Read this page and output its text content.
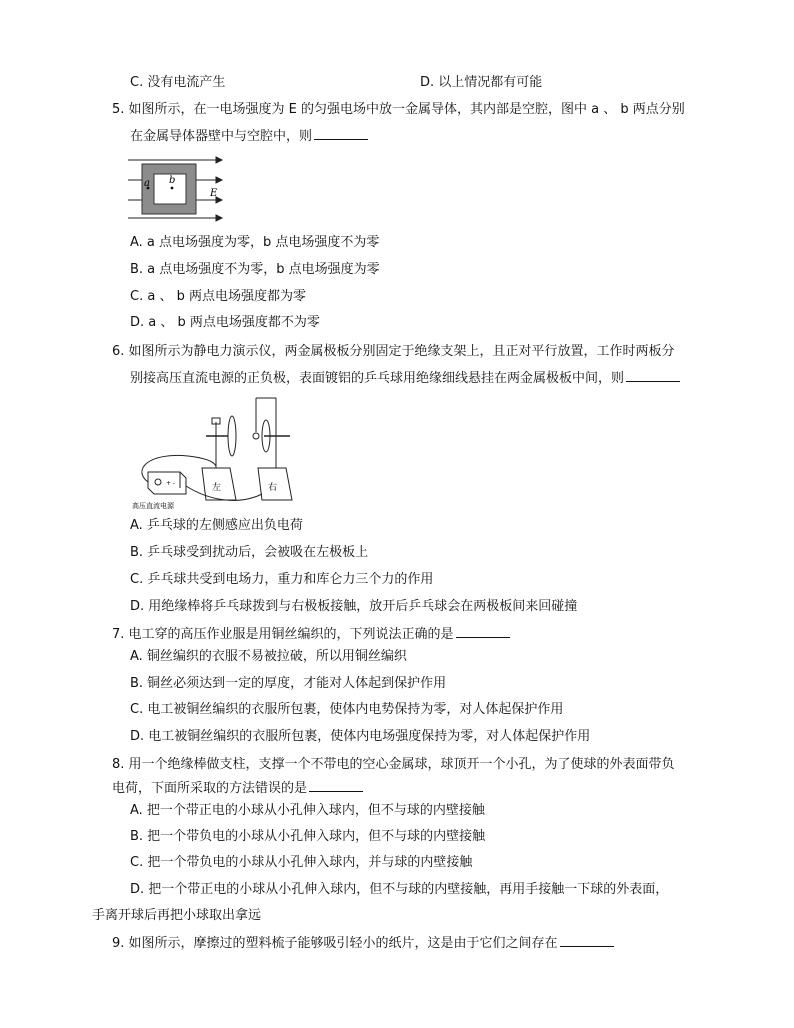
C. 没有电流产生	D. 以上情况都有可能
5. 如图所示，在一电场强度为 E 的匀强电场中放一金属导体，其内部是空腔，图中 a 、 b 两点分别
在金属导体器壁中与空腔中，则
a b
E
A. a 点电场强度为零，b 点电场强度不为零
B. a 点电场强度不为零，b 点电场强度为零
C. a 、 b 两点电场强度都为零
D. a 、 b 两点电场强度都不为零
6. 如图所示为静电力演示仪，两金属极板分别固定于绝缘支架上，且正对平行放置，工作时两板分
别接高压直流电源的正负极，表面镀铝的乒乓球用绝缘细线悬挂在两金属极板中间，则
左	右
+ -
高压直流电源
A. 乒乓球的左侧感应出负电荷
B. 乒乓球受到扰动后，会被吸在左极板上
C. 乒乓球共受到电场力，重力和库仑力三个力的作用
D. 用绝缘棒将乒乓球拨到与右极板接触，放开后乒乓球会在两极板间来回碰撞
7. 电工穿的高压作业服是用铜丝编织的，下列说法正确的是
A. 铜丝编织的衣服不易被拉破，所以用铜丝编织
B. 铜丝必须达到一定的厚度，才能对人体起到保护作用
C. 电工被铜丝编织的衣服所包裹，使体内电势保持为零，对人体起保护作用
D. 电工被铜丝编织的衣服所包裹，使体内电场强度保持为零，对人体起保护作用
8. 用一个绝缘棒做支柱，支撑一个不带电的空心金属球，球顶开一个小孔，为了使球的外表面带负
电荷，下面所采取的方法错误的是
A. 把一个带正电的小球从小孔伸入球内，但不与球的内壁接触
B. 把一个带负电的小球从小孔伸入球内，但不与球的内壁接触
C. 把一个带负电的小球从小孔伸入球内，并与球的内壁接触
D. 把一个带正电的小球从小孔伸入球内，但不与球的内壁接触，再用手接触一下球的外表面，
手离开球后再把小球取出拿远
9. 如图所示，摩擦过的塑料梳子能够吸引轻小的纸片，这是由于它们之间存在
